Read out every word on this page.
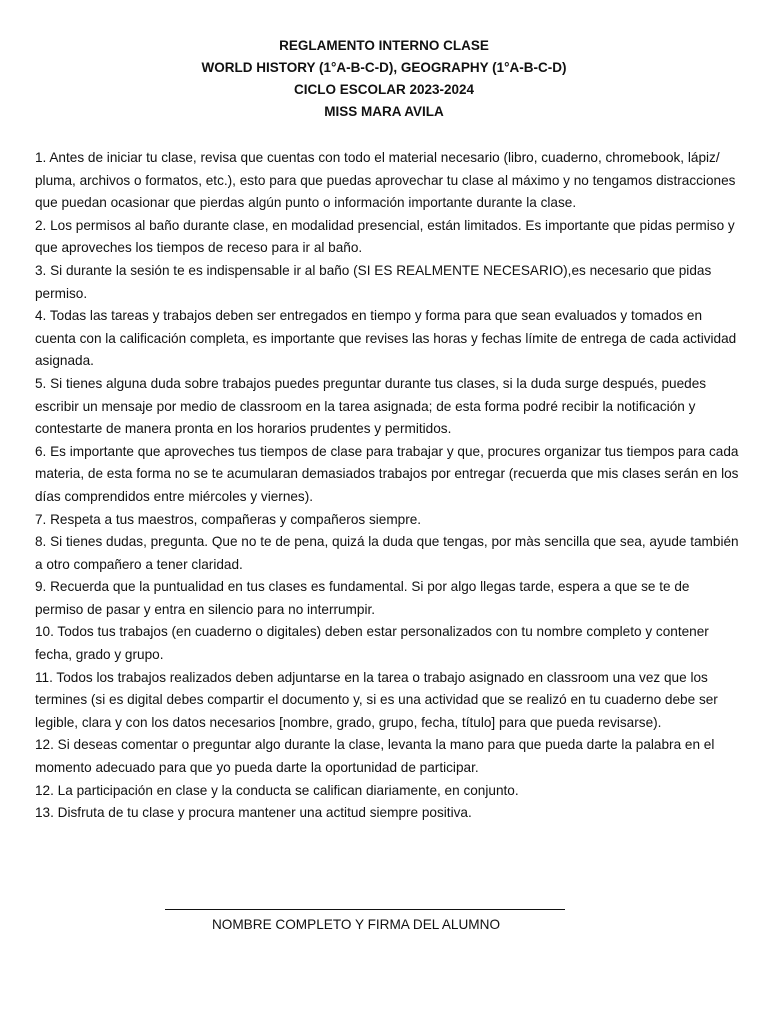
REGLAMENTO INTERNO CLASE
WORLD HISTORY (1°A-B-C-D), GEOGRAPHY (1°A-B-C-D)
CICLO ESCOLAR 2023-2024
MISS MARA AVILA

1. Antes de iniciar tu clase, revisa que cuentas con todo el material necesario (libro, cuaderno, chromebook, lápiz/ pluma, archivos o formatos, etc.), esto para que puedas aprovechar tu clase al máximo y no tengamos distracciones que puedan ocasionar que pierdas algún punto o información importante durante la clase.

2. Los permisos al baño durante clase, en modalidad presencial, están limitados. Es importante que pidas permiso y que aproveches los tiempos de receso para ir al baño.

3. Si durante la sesión te es indispensable ir al baño (SI ES REALMENTE NECESARIO),es necesario que pidas permiso.

4. Todas las tareas y trabajos deben ser entregados en tiempo y forma para que sean evaluados y tomados en cuenta con la calificación completa, es importante que revises las horas y fechas límite de entrega de cada actividad asignada.

5. Si tienes alguna duda sobre trabajos puedes preguntar durante tus clases, si la duda surge después, puedes escribir un mensaje por medio de classroom en la tarea asignada; de esta forma podré recibir la notificación y contestarte de manera pronta en los horarios prudentes y permitidos.

6. Es importante que aproveches tus tiempos de clase para trabajar y que, procures organizar tus tiempos para cada materia, de esta forma no se te acumularan demasiados trabajos por entregar (recuerda que mis clases serán en los días comprendidos entre miércoles y viernes).

7. Respeta a tus maestros, compañeras y compañeros siempre.

8. Si tienes dudas, pregunta. Que no te de pena, quizá la duda que tengas, por màs sencilla que sea, ayude también a otro compañero a tener claridad.

9. Recuerda que la puntualidad en tus clases es fundamental. Si por algo llegas tarde, espera a que se te de permiso de pasar y entra en silencio para no interrumpir.

10. Todos tus trabajos (en cuaderno o digitales) deben estar personalizados con tu nombre completo y contener fecha, grado y grupo.

11. Todos los trabajos realizados deben adjuntarse en la tarea o trabajo asignado en classroom una vez que los termines (si es digital debes compartir el documento y, si es una actividad que se realizó en tu cuaderno debe ser legible, clara y con los datos necesarios [nombre, grado, grupo, fecha, título] para que pueda revisarse).

12. Si deseas comentar o preguntar algo durante la clase, levanta la mano para que pueda darte la palabra en el momento adecuado para que yo pueda darte la oportunidad de participar.

12. La participación en clase y la conducta se califican diariamente, en conjunto.

13. Disfruta de tu clase y procura mantener una actitud siempre positiva.

NOMBRE COMPLETO Y FIRMA DEL ALUMNO
